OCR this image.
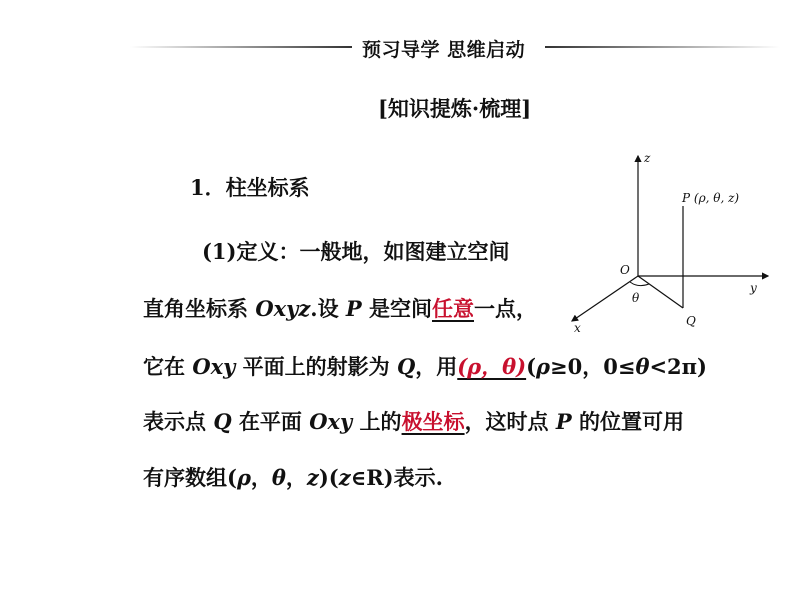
预习导学 思维启动
[知识提炼·梳理]
1．柱坐标系
(1)定义：一般地，如图建立空间
直角坐标系 Oxyz.设 P 是空间任意一点，
它在 Oxy 平面上的射影为 Q，用(ρ，θ)(ρ≥0，0≤θ<2π)
表示点 Q 在平面 Oxy 上的极坐标，这时点 P 的位置可用
有序数组(ρ，θ，z)(z∈R)表示.
z
y
x
O
θ
Q
P (ρ, θ, z)
